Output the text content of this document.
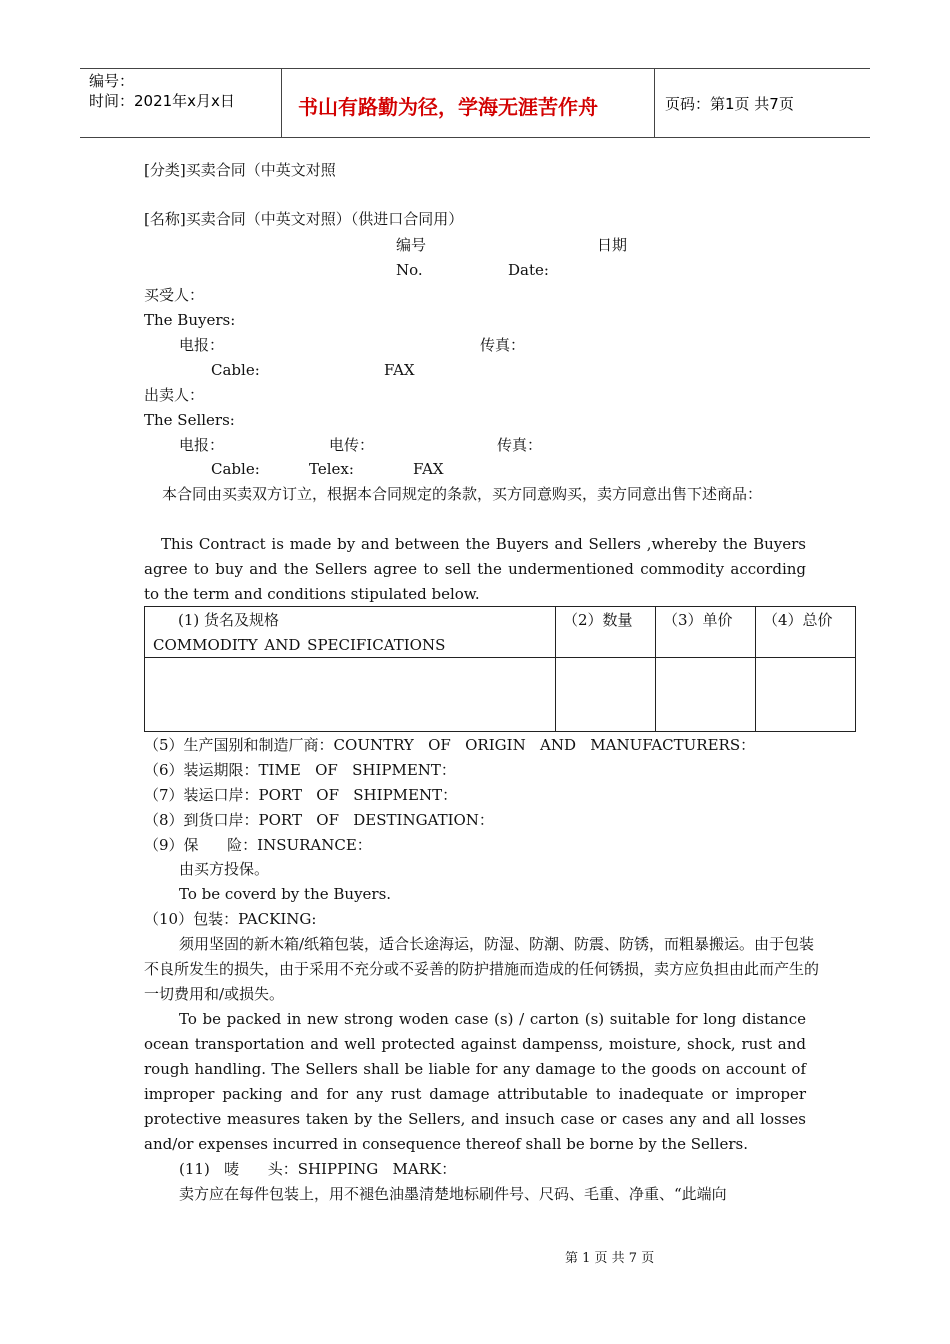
编号：
时间：2021年x月x日	书山有路勤为径，学海无涯苦作舟	页码：第1页 共7页
[分类]买卖合同（中英文对照
[名称]买卖合同（中英文对照）（供进口合同用）
编号	日期
No.	Date:
买受人：
The Buyers:
电报：	传真：
Cable:	FAX
出卖人：
The Sellers:
电报：	电传：	传真：
Cable:	Telex:	FAX
本合同由买卖双方订立，根据本合同规定的条款，买方同意购买，卖方同意出售下述商品：
This Contract is made by and between the Buyers and Sellers ,whereby the Buyers agree to buy and the Sellers agree to sell the undermentioned commodity according to the term and conditions stipulated below.
(1) 货名及规格
COMMODITY AND SPECIFICATIONS
（2）数量 （3）单价 （4）总价
（5）生产国别和制造厂商：COUNTRY   OF   ORIGIN   AND   MANUFACTURERS：
（6）装运期限：TIME   OF   SHIPMENT：
（7）装运口岸：PORT   OF   SHIPMENT：
（8）到货口岸：PORT   OF   DESTINGATION：
（9）保      险：INSURANCE：
由买方投保。
To be coverd by the Buyers.
（10）包装：PACKING:
须用坚固的新木箱/纸箱包装，适合长途海运，防湿、防潮、防震、防锈，而粗暴搬运。由于包装不良所发生的损失，由于采用不充分或不妥善的防护措施而造成的任何锈损，卖方应负担由此而产生的一切费用和/或损失。
To be packed in new strong woden case (s) / carton (s) suitable for long distance ocean transportation and well protected against dampenss, moisture, shock, rust and rough handling. The Sellers shall be liable for any damage to the goods on account of improper packing and for any rust damage attributable to inadequate or improper protective measures taken by the Sellers, and insuch case or cases any and all losses and/or expenses incurred in consequence thereof shall be borne by the Sellers.
(11)   唛      头：SHIPPING   MARK：
卖方应在每件包装上，用不褪色油墨清楚地标刷件号、尺码、毛重、净重、“此端向
第 1 页 共 7 页
